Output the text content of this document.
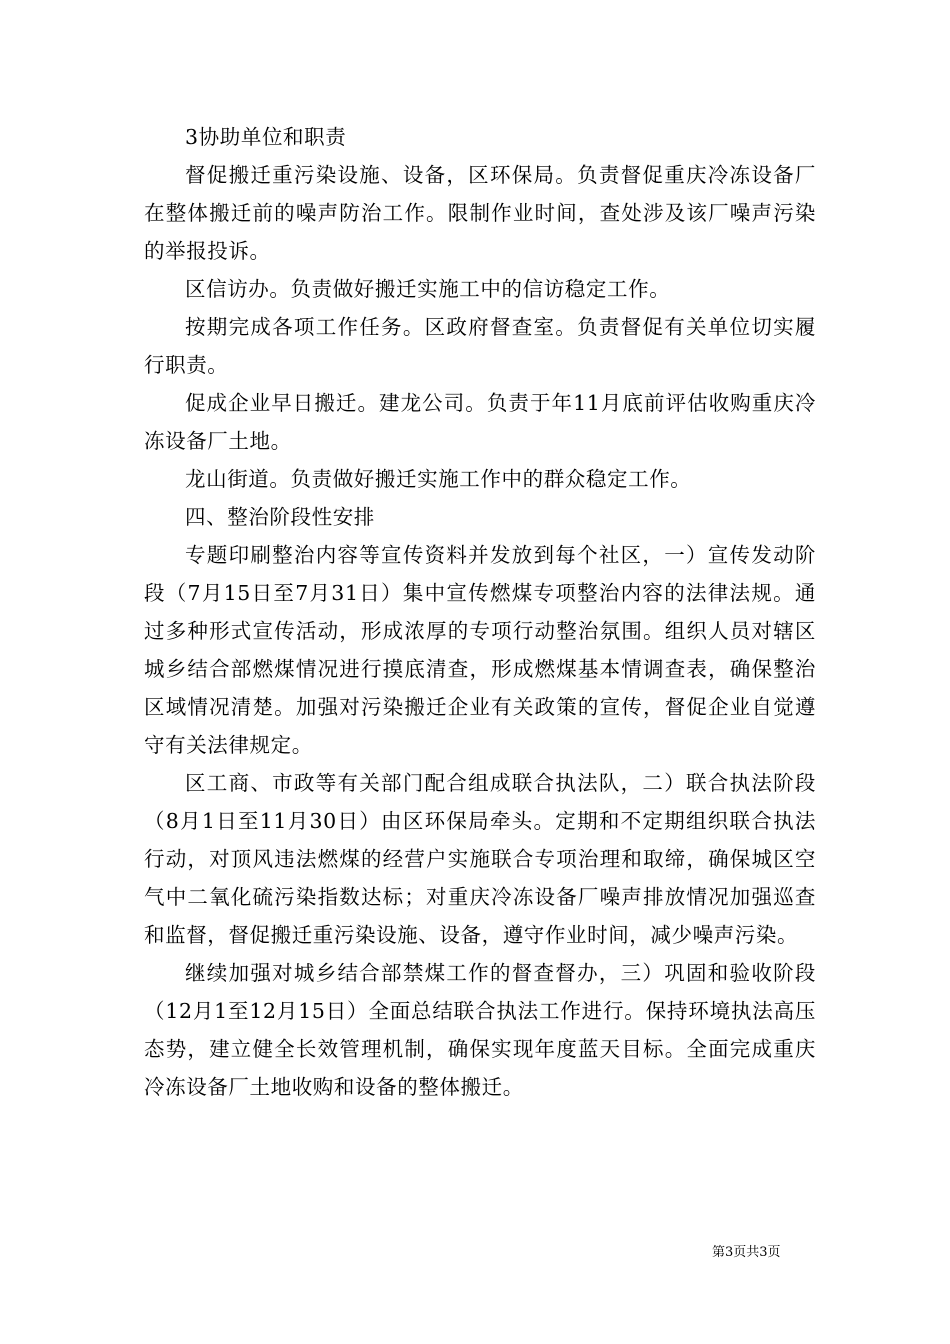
3协助单位和职责

督促搬迁重污染设施、设备，区环保局。负责督促重庆冷冻设备厂在整体搬迁前的噪声防治工作。限制作业时间，查处涉及该厂噪声污染的举报投诉。

区信访办。负责做好搬迁实施工中的信访稳定工作。

按期完成各项工作任务。区政府督查室。负责督促有关单位切实履行职责。

促成企业早日搬迁。建龙公司。负责于年11月底前评估收购重庆冷冻设备厂土地。

龙山街道。负责做好搬迁实施工作中的群众稳定工作。

四、整治阶段性安排

专题印刷整治内容等宣传资料并发放到每个社区，一）宣传发动阶段（7月15日至7月31日）集中宣传燃煤专项整治内容的法律法规。通过多种形式宣传活动，形成浓厚的专项行动整治氛围。组织人员对辖区城乡结合部燃煤情况进行摸底清查，形成燃煤基本情调查表，确保整治区域情况清楚。加强对污染搬迁企业有关政策的宣传，督促企业自觉遵守有关法律规定。

区工商、市政等有关部门配合组成联合执法队，二）联合执法阶段（8月1日至11月30日）由区环保局牵头。定期和不定期组织联合执法行动，对顶风违法燃煤的经营户实施联合专项治理和取缔，确保城区空气中二氧化硫污染指数达标；对重庆冷冻设备厂噪声排放情况加强巡查和监督，督促搬迁重污染设施、设备，遵守作业时间，减少噪声污染。

继续加强对城乡结合部禁煤工作的督查督办，三）巩固和验收阶段（12月1至12月15日）全面总结联合执法工作进行。保持环境执法高压态势，建立健全长效管理机制，确保实现年度蓝天目标。全面完成重庆冷冻设备厂土地收购和设备的整体搬迁。

第3页共3页
